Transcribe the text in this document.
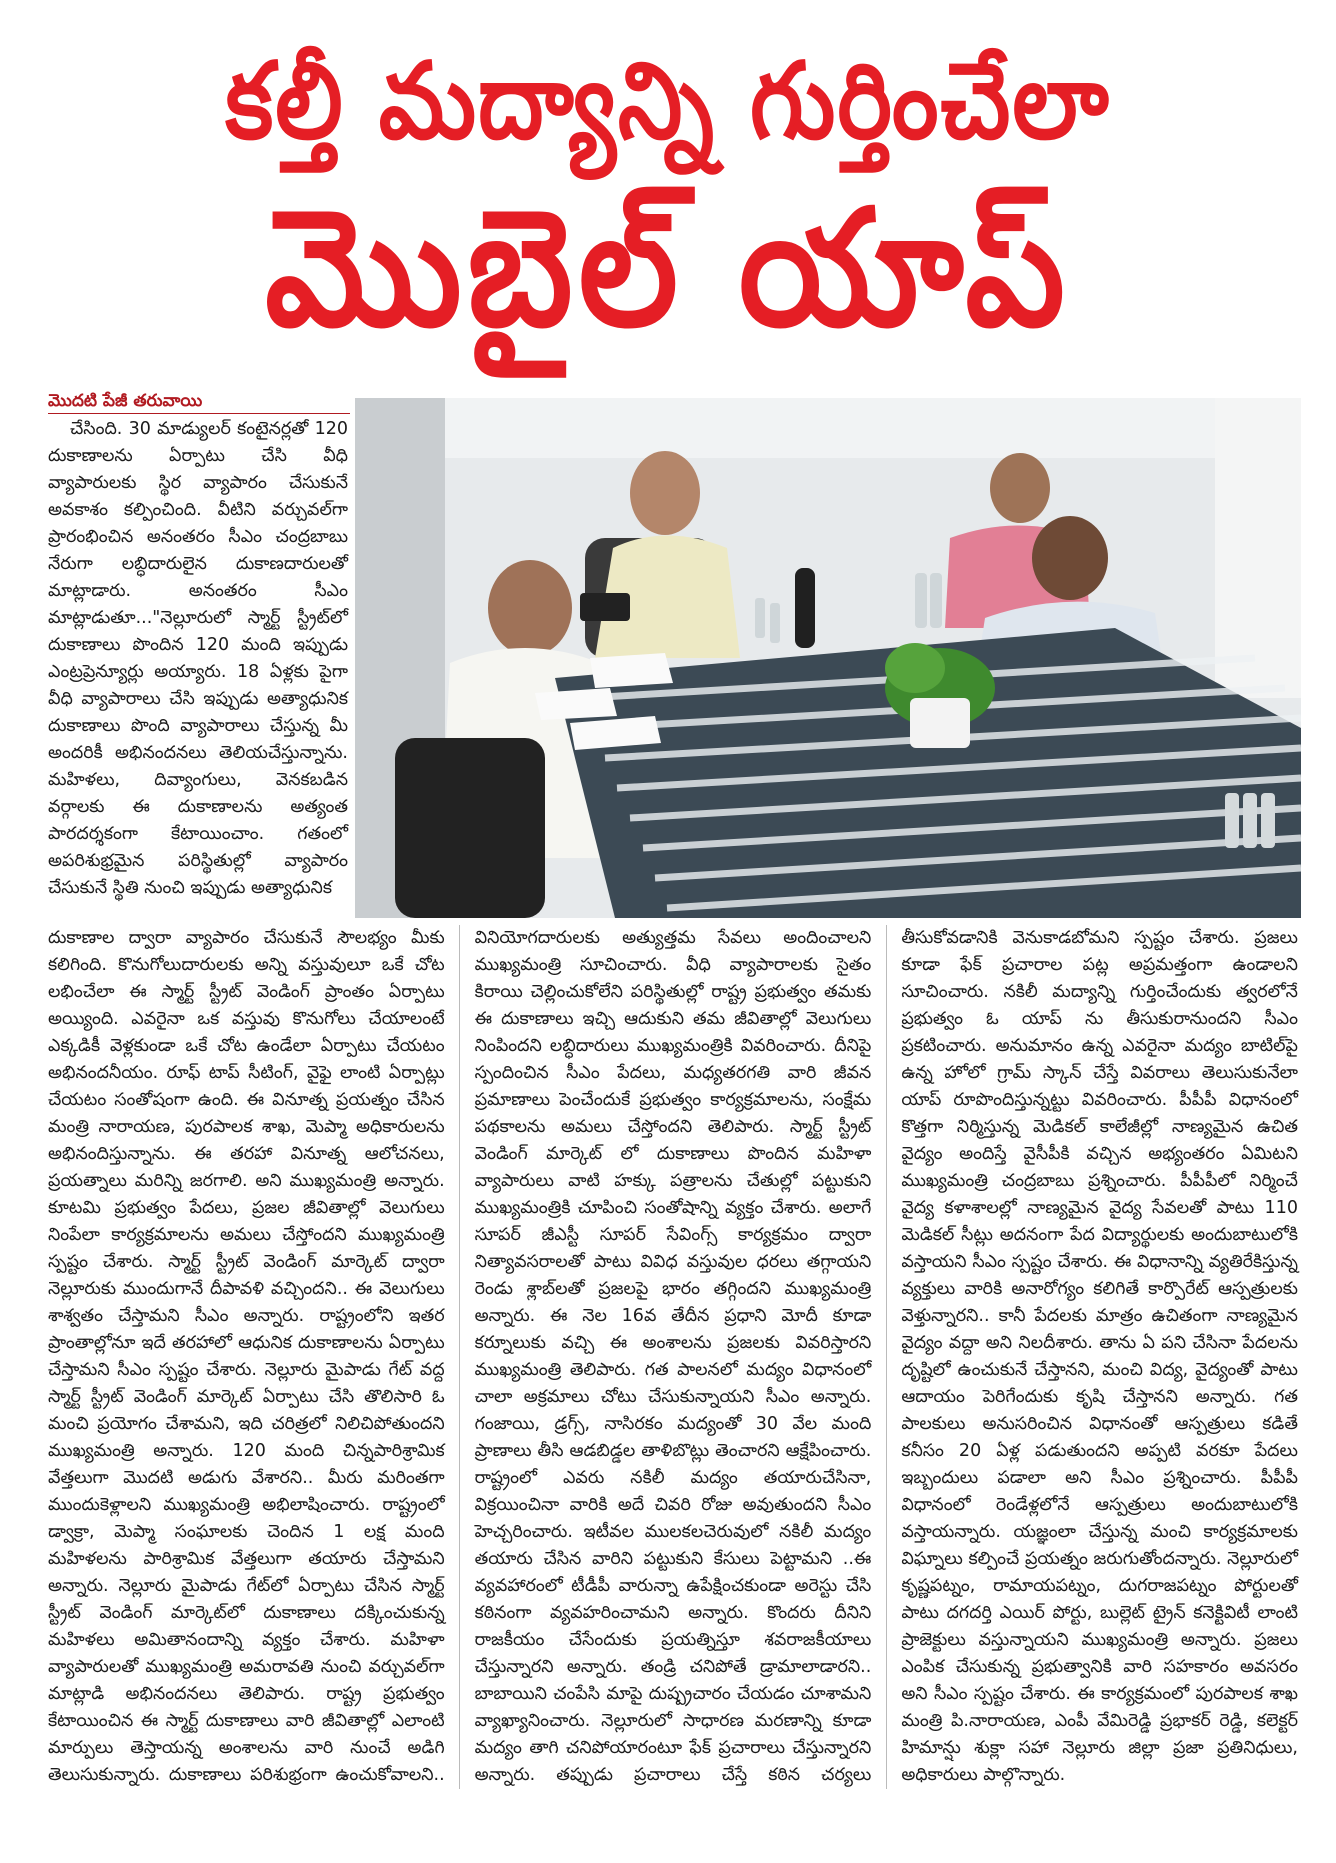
కల్తీ మద్యాన్ని గుర్తించేలా
మొబైల్ యాప్
మొదటి పేజీ తరువాయి

చేసింది. 30 మాడ్యులర్ కంటైనర్లతో 120 దుకాణాలను ఏర్పాటు చేసి వీధి వ్యాపారులకు స్థిర వ్యాపారం చేసుకునే అవకాశం కల్పించింది. వీటిని వర్చువల్‌గా ప్రారంభించిన అనంతరం సీఎం చంద్రబాబు నేరుగా లబ్ధిదారులైన దుకాణదారులతో మాట్లాడారు. అనంతరం సీఎం మాట్లాడుతూ..."నెల్లూరులో స్మార్ట్ స్ట్రీట్‌లో దుకాణాలు పొందిన 120 మంది ఇప్పుడు ఎంట్రప్రెన్యూర్లు అయ్యారు. 18 ఏళ్లకు పైగా వీధి వ్యాపారాలు చేసి ఇప్పుడు అత్యాధునిక దుకాణాలు పొంది వ్యాపారాలు చేస్తున్న మీ అందరికీ అభినందనలు తెలియచేస్తున్నాను. మహిళలు, దివ్యాంగులు, వెనకబడిన వర్గాలకు ఈ దుకాణాలను అత్యంత పారదర్శకంగా కేటాయించాం. గతంలో అపరిశుభ్రమైన పరిస్థితుల్లో వ్యాపారం చేసుకునే స్థితి నుంచి ఇప్పుడు అత్యాధునిక

దుకాణాల ద్వారా వ్యాపారం చేసుకునే సౌలభ్యం మీకు కలిగింది. కొనుగోలుదారులకు అన్ని వస్తువులూ ఒకే చోట లభించేలా ఈ స్మార్ట్ స్ట్రీట్ వెండింగ్ ప్రాంతం ఏర్పాటు అయ్యింది. ఎవరైనా ఒక వస్తువు కొనుగోలు చేయాలంటే ఎక్కడికీ వెళ్లకుండా ఒకే చోట ఉండేలా ఏర్పాటు చేయటం అభినందనీయం. రూఫ్ టాప్ సీటింగ్, వైఫై లాంటి ఏర్పాట్లు చేయటం సంతోషంగా ఉంది. ఈ వినూత్న ప్రయత్నం చేసిన మంత్రి నారాయణ, పురపాలక శాఖ, మెప్మా అధికారులను అభినందిస్తున్నాను. ఈ తరహా వినూత్న ఆలోచనలు, ప్రయత్నాలు మరిన్ని జరగాలి. అని ముఖ్యమంత్రి అన్నారు. కూటమి ప్రభుత్వం పేదలు, ప్రజల జీవితాల్లో వెలుగులు నింపేలా కార్యక్రమాలను అమలు చేస్తోందని ముఖ్యమంత్రి స్పష్టం చేశారు. స్మార్ట్ స్ట్రీట్ వెండింగ్ మార్కెట్ ద్వారా నెల్లూరుకు ముందుగానే దీపావళి వచ్చిందని.. ఈ వెలుగులు శాశ్వతం చేస్తామని సీఎం అన్నారు. రాష్ట్రంలోని ఇతర ప్రాంతాల్లోనూ ఇదే తరహాలో ఆధునిక దుకాణాలను ఏర్పాటు చేస్తామని సీఎం స్పష్టం చేశారు. నెల్లూరు మైపాడు గేట్ వద్ద స్మార్ట్ స్ట్రీట్ వెండింగ్ మార్కెట్ ఏర్పాటు చేసి తొలిసారి ఓ మంచి ప్రయోగం చేశామని, ఇది చరిత్రలో నిలిచిపోతుందని ముఖ్యమంత్రి అన్నారు. 120 మంది చిన్నపారిశ్రామిక వేత్తలుగా మొదటి అడుగు వేశారని.. మీరు మరింతగా ముందుకెళ్లాలని ముఖ్యమంత్రి అభిలాషించారు. రాష్ట్రంలో డ్వాక్రా, మెప్మా సంఘాలకు చెందిన 1 లక్ష మంది మహిళలను పారిశ్రామిక వేత్తలుగా తయారు చేస్తామని అన్నారు. నెల్లూరు మైపాడు గేట్‌లో ఏర్పాటు చేసిన స్మార్ట్ స్ట్రీట్ వెండింగ్ మార్కెట్‌లో దుకాణాలు దక్కించుకున్న మహిళలు అమితానందాన్ని వ్యక్తం చేశారు. మహిళా వ్యాపారులతో ముఖ్యమంత్రి అమరావతి నుంచి వర్చువల్‌గా మాట్లాడి అభినందనలు తెలిపారు. రాష్ట్ర ప్రభుత్వం కేటాయించిన ఈ స్మార్ట్ దుకాణాలు వారి జీవితాల్లో ఎలాంటి మార్పులు తెస్తాయన్న అంశాలను వారి నుంచే అడిగి తెలుసుకున్నారు. దుకాణాలు పరిశుభ్రంగా ఉంచుకోవాలని.. వినియోగదారులకు అత్యుత్తమ సేవలు అందించాలని ముఖ్యమంత్రి సూచించారు. వీధి వ్యాపారాలకు సైతం కిరాయి చెల్లించుకోలేని పరిస్థితుల్లో రాష్ట్ర ప్రభుత్వం తమకు ఈ దుకాణాలు ఇచ్చి ఆదుకుని తమ జీవితాల్లో వెలుగులు నింపిందని లబ్ధిదారులు ముఖ్యమంత్రికి వివరించారు. దీనిపై స్పందించిన సీఎం పేదలు, మధ్యతరగతి వారి జీవన ప్రమాణాలు పెంచేందుకే ప్రభుత్వం కార్యక్రమాలను, సంక్షేమ పథకాలను అమలు చేస్తోందని తెలిపారు. స్మార్ట్ స్ట్రీట్ వెండింగ్ మార్కెట్ లో దుకాణాలు పొందిన మహిళా వ్యాపారులు వాటి హక్కు పత్రాలను చేతుల్లో పట్టుకుని ముఖ్యమంత్రికి చూపించి సంతోషాన్ని వ్యక్తం చేశారు. అలాగే సూపర్ జీఎస్టీ సూపర్ సేవింగ్స్ కార్యక్రమం ద్వారా నిత్యావసరాలతో పాటు వివిధ వస్తువుల ధరలు తగ్గాయని రెండు శ్లాబ్‌లతో ప్రజలపై భారం తగ్గిందని ముఖ్యమంత్రి అన్నారు. ఈ నెల 16వ తేదీన ప్రధాని మోదీ కూడా కర్నూలుకు వచ్చి ఈ అంశాలను ప్రజలకు వివరిస్తారని ముఖ్యమంత్రి తెలిపారు. గత పాలనలో మద్యం విధానంలో చాలా అక్రమాలు చోటు చేసుకున్నాయని సీఎం అన్నారు. గంజాయి, డ్రగ్స్, నాసిరకం మద్యంతో 30 వేల మంది ప్రాణాలు తీసి ఆడబిడ్డల తాళిబొట్లు తెంచారని ఆక్షేపించారు. రాష్ట్రంలో ఎవరు నకిలీ మద్యం తయారుచేసినా, విక్రయించినా వారికి అదే చివరి రోజు అవుతుందని సీఎం హెచ్చరించారు. ఇటీవల ములకలచెరువులో నకిలీ మద్యం తయారు చేసిన వారిని పట్టుకుని కేసులు పెట్టామని ..ఈ వ్యవహారంలో టీడీపీ వారున్నా ఉపేక్షించకుండా అరెస్టు చేసి కఠినంగా వ్యవహరించామని అన్నారు. కొందరు దీనిని రాజకీయం చేసేందుకు ప్రయత్నిస్తూ శవరాజకీయాలు చేస్తున్నారని అన్నారు. తండ్రి చనిపోతే డ్రామాలాడారని.. బాబాయిని చంపేసి మాపై దుష్ప్రచారం చేయడం చూశామని వ్యాఖ్యానించారు. నెల్లూరులో సాధారణ మరణాన్ని కూడా మద్యం తాగి చనిపోయారంటూ ఫేక్ ప్రచారాలు చేస్తున్నారని అన్నారు. తప్పుడు ప్రచారాలు చేస్తే కఠిన చర్యలు తీసుకోవడానికి వెనుకాడబోమని స్పష్టం చేశారు. ప్రజలు కూడా ఫేక్ ప్రచారాల పట్ల అప్రమత్తంగా ఉండాలని సూచించారు. నకిలీ మద్యాన్ని గుర్తించేందుకు త్వరలోనే ప్రభుత్వం ఓ యాప్ ను తీసుకురానుందని సీఎం ప్రకటించారు. అనుమానం ఉన్న ఎవరైనా మద్యం బాటిల్‌పై ఉన్న హోలో గ్రామ్ స్కాన్ చేస్తే వివరాలు తెలుసుకునేలా యాప్ రూపొందిస్తున్నట్టు వివరించారు. పీపీపీ విధానంలో కొత్తగా నిర్మిస్తున్న మెడికల్ కాలేజీల్లో నాణ్యమైన ఉచిత వైద్యం అందిస్తే వైసీపీకి వచ్చిన అభ్యంతరం ఏమిటని ముఖ్యమంత్రి చంద్రబాబు ప్రశ్నించారు. పీపీపీలో నిర్మించే వైద్య కళాశాలల్లో నాణ్యమైన వైద్య సేవలతో పాటు 110 మెడికల్ సీట్లు అదనంగా పేద విద్యార్థులకు అందుబాటులోకి వస్తాయని సీఎం స్పష్టం చేశారు. ఈ విధానాన్ని వ్యతిరేకిస్తున్న వ్యక్తులు వారికి అనారోగ్యం కలిగితే కార్పొరేట్ ఆస్పత్రులకు వెళ్తున్నారని.. కానీ పేదలకు మాత్రం ఉచితంగా నాణ్యమైన వైద్యం వద్దా అని నిలదీశారు. తాను ఏ పని చేసినా పేదలను దృష్టిలో ఉంచుకునే చేస్తానని, మంచి విద్య, వైద్యంతో పాటు ఆదాయం పెరిగేందుకు కృషి చేస్తానని అన్నారు. గత పాలకులు అనుసరించిన విధానంతో ఆస్పత్రులు కడితే కనీసం 20 ఏళ్ల పడుతుందని అప్పటి వరకూ పేదలు ఇబ్బందులు పడాలా అని సీఎం ప్రశ్నించారు. పీపీపీ విధానంలో రెండేళ్లలోనే ఆస్పత్రులు అందుబాటులోకి వస్తాయన్నారు. యజ్ఞంలా చేస్తున్న మంచి కార్యక్రమాలకు విఘ్నాలు కల్పించే ప్రయత్నం జరుగుతోందన్నారు. నెల్లూరులో కృష్ణపట్నం, రామాయపట్నం, దుగరాజపట్నం పోర్టులతో పాటు దగదర్తి ఎయిర్ పోర్టు, బుల్లెట్ ట్రైన్ కనెక్టివిటీ లాంటి ప్రాజెక్టులు వస్తున్నాయని ముఖ్యమంత్రి అన్నారు. ప్రజలు ఎంపిక చేసుకున్న ప్రభుత్వానికి వారి సహకారం అవసరం అని సీఎం స్పష్టం చేశారు. ఈ కార్యక్రమంలో పురపాలక శాఖ మంత్రి పి.నారాయణ, ఎంపీ వేమిరెడ్డి ప్రభాకర్ రెడ్డి, కలెక్టర్ హిమాన్షు శుక్లా సహా నెల్లూరు జిల్లా ప్రజా ప్రతినిధులు, అధికారులు పాల్గొన్నారు.
